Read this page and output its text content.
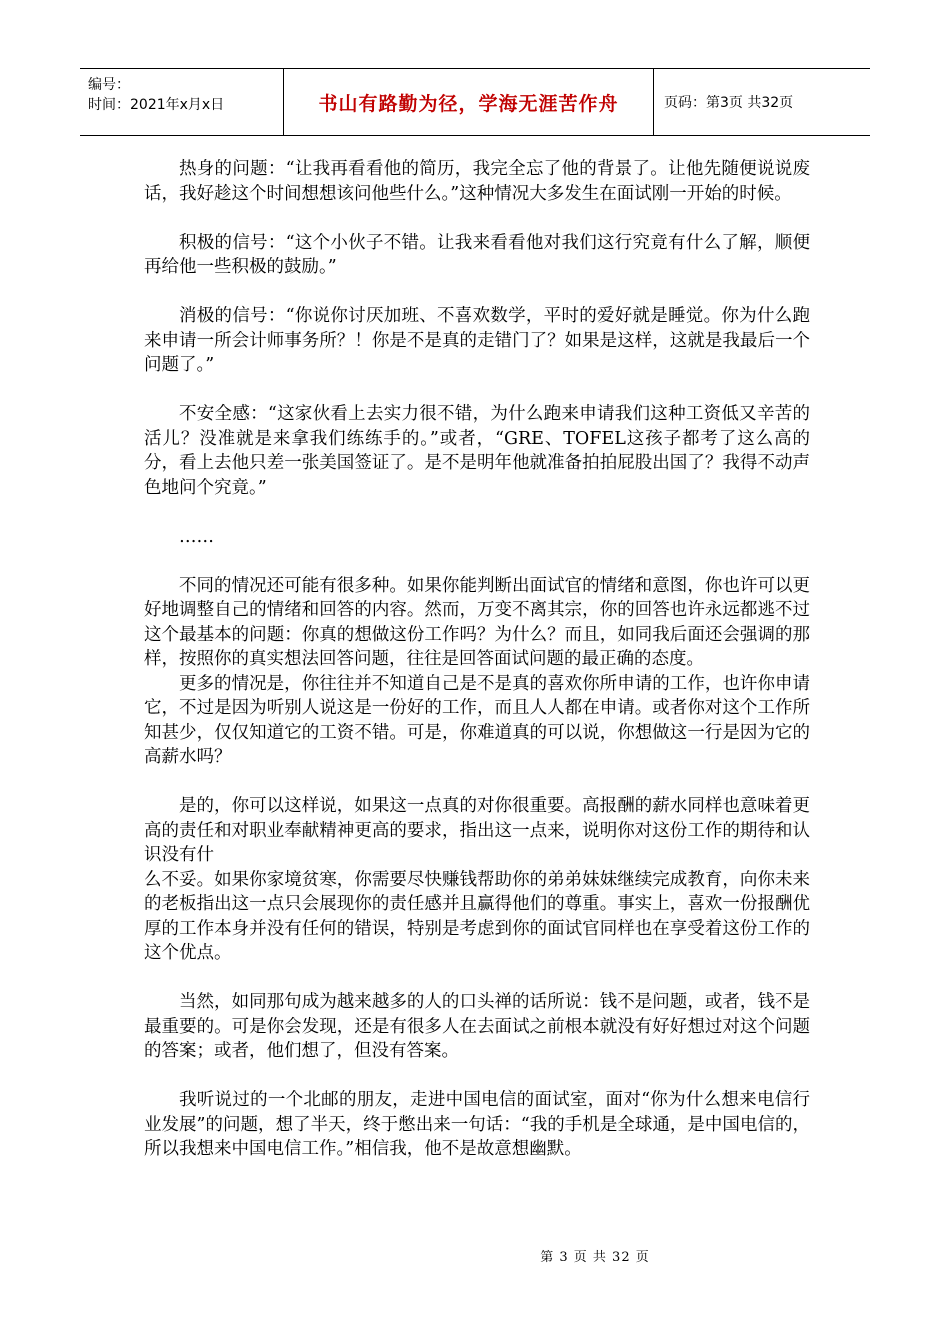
编号：
时间：2021年x月x日	书山有路勤为径，学海无涯苦作舟	页码：第3页 共32页

热身的问题：“让我再看看他的简历，我完全忘了他的背景了。让他先随便说说废话，我好趁这个时间想想该问他些什么。”这种情况大多发生在面试刚一开始的时候。

积极的信号：“这个小伙子不错。让我来看看他对我们这行究竟有什么了解，顺便再给他一些积极的鼓励。”

消极的信号：“你说你讨厌加班、不喜欢数学，平时的爱好就是睡觉。你为什么跑来申请一所会计师事务所？！你是不是真的走错门了？如果是这样，这就是我最后一个问题了。”

不安全感：“这家伙看上去实力很不错，为什么跑来申请我们这种工资低又辛苦的活儿？没准就是来拿我们练练手的。”或者，“GRE、TOFEL这孩子都考了这么高的分，看上去他只差一张美国签证了。是不是明年他就准备拍拍屁股出国了？我得不动声色地问个究竟。”

……

不同的情况还可能有很多种。如果你能判断出面试官的情绪和意图，你也许可以更好地调整自己的情绪和回答的内容。然而，万变不离其宗，你的回答也许永远都逃不过这个最基本的问题：你真的想做这份工作吗？为什么？而且，如同我后面还会强调的那样，按照你的真实想法回答问题，往往是回答面试问题的最正确的态度。

更多的情况是，你往往并不知道自己是不是真的喜欢你所申请的工作，也许你申请它，不过是因为听别人说这是一份好的工作，而且人人都在申请。或者你对这个工作所知甚少，仅仅知道它的工资不错。可是，你难道真的可以说，你想做这一行是因为它的高薪水吗？

是的，你可以这样说，如果这一点真的对你很重要。高报酬的薪水同样也意味着更高的责任和对职业奉献精神更高的要求，指出这一点来，说明你对这份工作的期待和认识没有什

么不妥。如果你家境贫寒，你需要尽快赚钱帮助你的弟弟妹妹继续完成教育，向你未来的老板指出这一点只会展现你的责任感并且赢得他们的尊重。事实上，喜欢一份报酬优厚的工作本身并没有任何的错误，特别是考虑到你的面试官同样也在享受着这份工作的这个优点。

当然，如同那句成为越来越多的人的口头禅的话所说：钱不是问题，或者，钱不是最重要的。可是你会发现，还是有很多人在去面试之前根本就没有好好想过对这个问题的答案；或者，他们想了，但没有答案。

我听说过的一个北邮的朋友，走进中国电信的面试室，面对“你为什么想来电信行业发展”的问题，想了半天，终于憋出来一句话：“我的手机是全球通，是中国电信的，所以我想来中国电信工作。”相信我，他不是故意想幽默。

第 3 页 共 32 页
